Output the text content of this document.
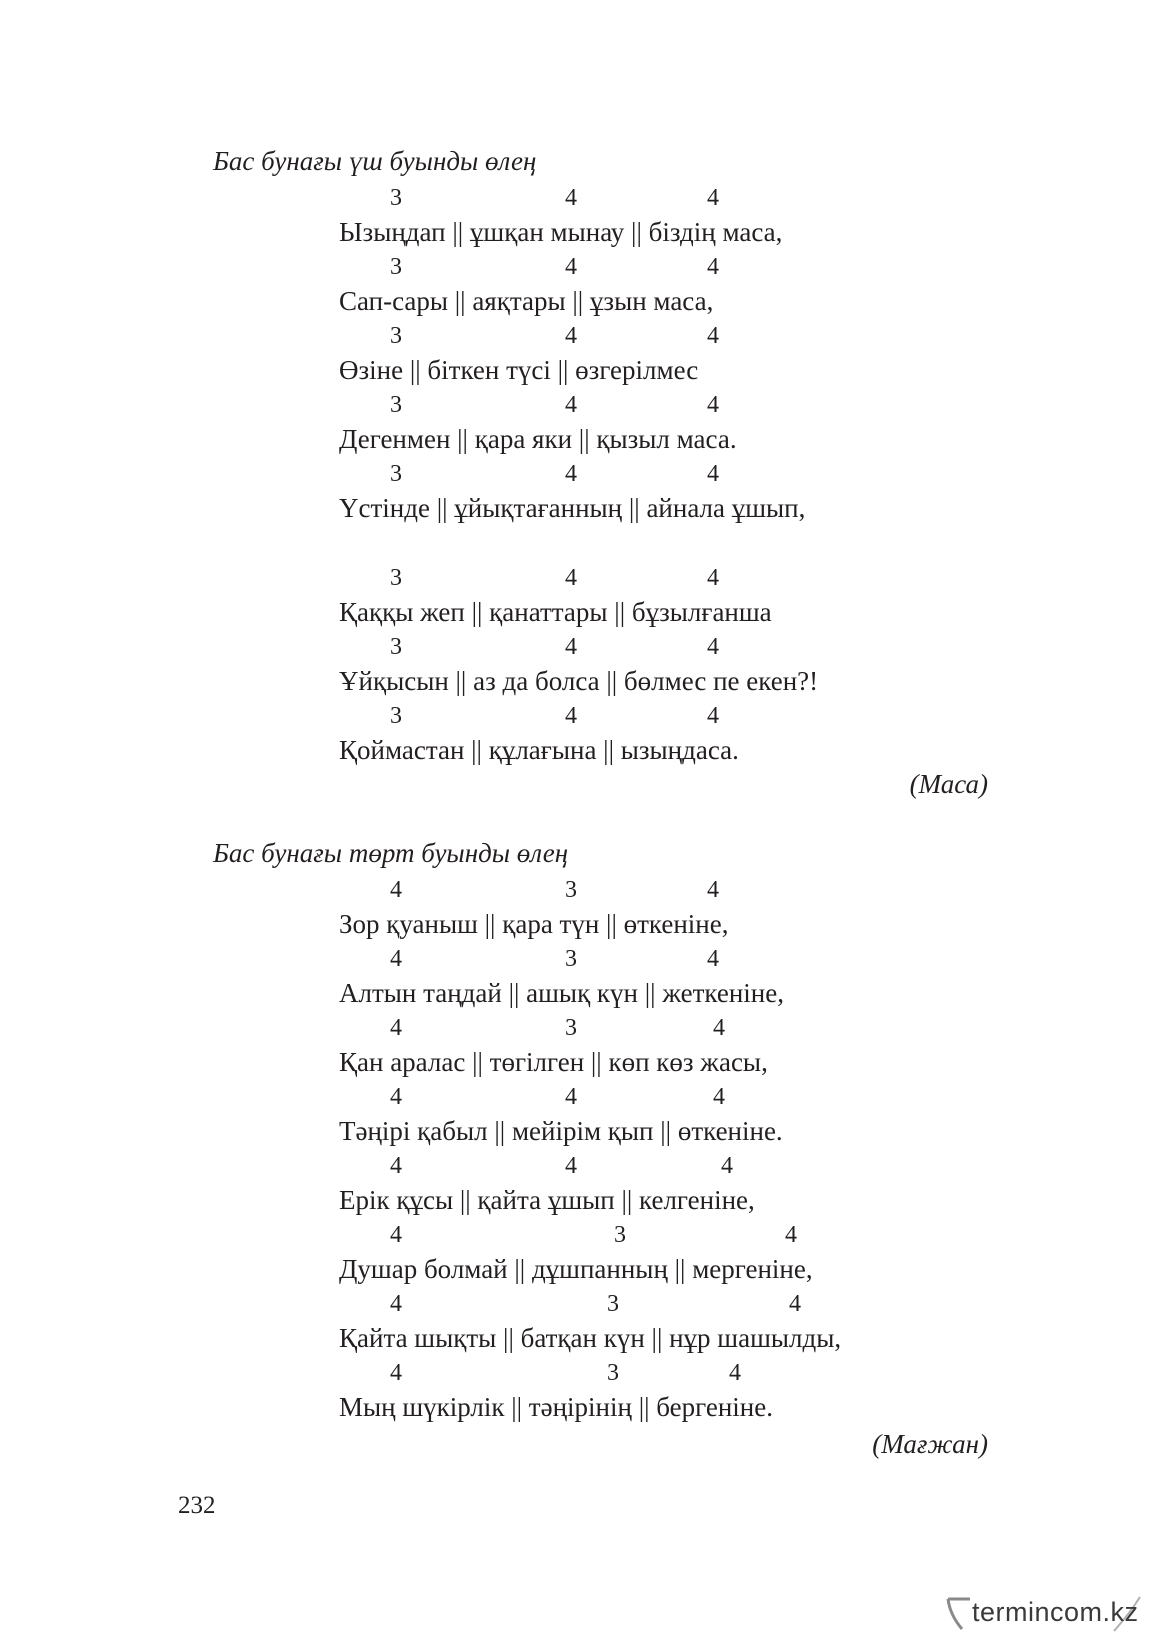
Бас бунағы үш буынды өлең
3	4	4
Ызыңдап || ұшқан мынау || біздің маса,
3	4	4
Сап-сары || аяқтары || ұзын маса,
3	4	4
Өзіне || біткен түсі || өзгерілмес
3	4	4
Дегенмен || қара яки || қызыл маса.
3	4	4
Үстінде || ұйықтағанның || айнала ұшып,
3	4	4
Қаққы жеп || қанаттары || бұзылғанша
3	4	4
Ұйқысын || аз да болса || бөлмес пе екен?!
3	4	4
Қоймастан || құлағына || ызыңдаса.
(Маса)
Бас бунағы төрт буынды өлең
4	3	4
Зор қуаныш || қара түн || өткеніне,
4	3	4
Алтын таңдай || ашық күн || жеткеніне,
4	3	4
Қан аралас || төгілген || көп көз жасы,
4	4	4
Тәңірі қабыл || мейірім қып || өткеніне.
4	4	4
Ерік құсы || қайта ұшып || келгеніне,
4	3	4
Душар болмай || дұшпанның || мергеніне,
4	3	4
Қайта шықты || батқан күн || нұр шашылды,
4	3	4
Мың шүкірлік || тәңірінің || бергеніне.
(Мағжан)
232
termincom.kz
